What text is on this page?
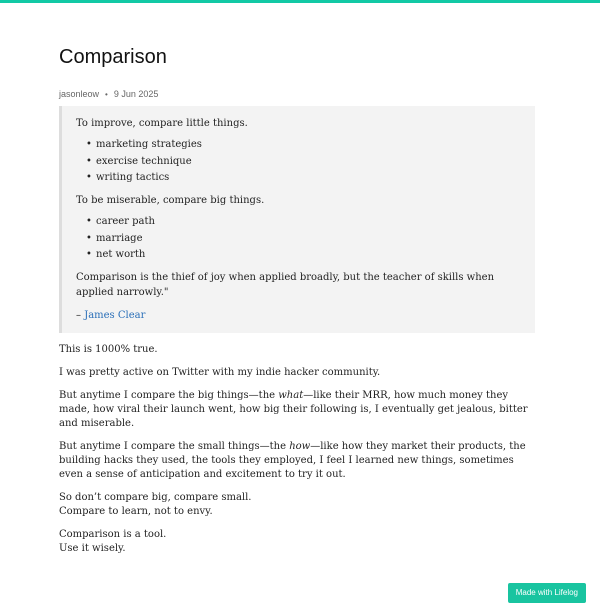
Comparison
jasonleow • 9 Jun 2025

To improve, compare little things.

• marketing strategies
• exercise technique
• writing tactics

To be miserable, compare big things.

• career path
• marriage
• net worth

Comparison is the thief of joy when applied broadly, but the teacher of skills when applied narrowly."

– James Clear

This is 1000% true.

I was pretty active on Twitter with my indie hacker community.

But anytime I compare the big things—the what—like their MRR, how much money they made, how viral their launch went, how big their following is, I eventually get jealous, bitter and miserable.

But anytime I compare the small things—the how—like how they market their products, the building hacks they used, the tools they employed, I feel I learned new things, sometimes even a sense of anticipation and excitement to try it out.

So don’t compare big, compare small.
Compare to learn, not to envy.

Comparison is a tool.
Use it wisely.

Made with Lifelog
